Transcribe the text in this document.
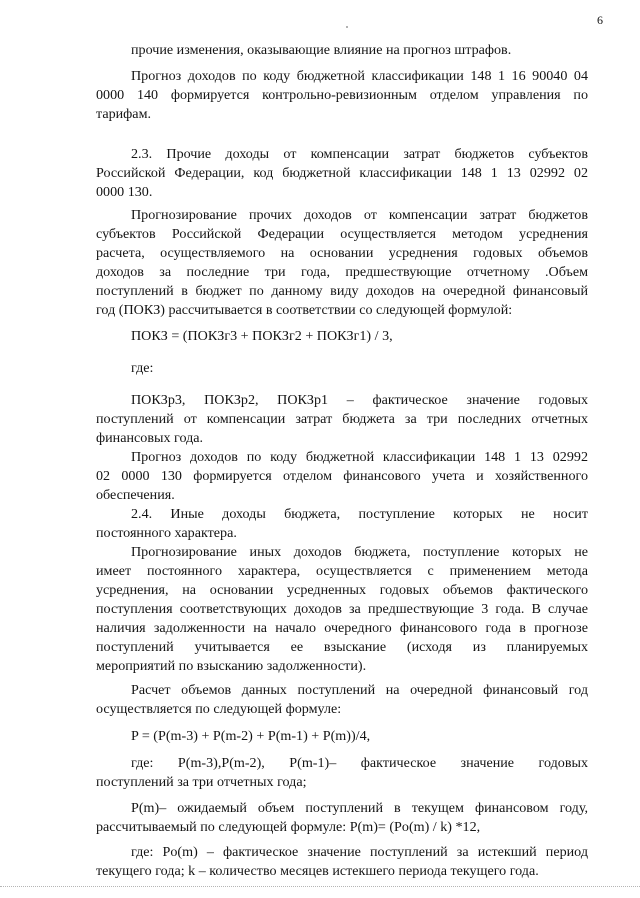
6
прочие изменения, оказывающие влияние на прогноз штрафов.
Прогноз доходов по коду бюджетной классификации 148 1 16 90040 04
0000 140 формируется контрольно-ревизионным отделом управления по
тарифам.
2.3. Прочие доходы от компенсации затрат бюджетов субъектов
Российской Федерации, код бюджетной классификации 148 1 13 02992 02
0000 130.
Прогнозирование прочих доходов от компенсации затрат бюджетов
субъектов Российской Федерации осуществляется методом усреднения
расчета, осуществляемого на основании усреднения годовых объемов
доходов за последние три года, предшествующие отчетному .Объем
поступлений в бюджет по данному виду доходов на очередной финансовый
год (ПОКЗ) рассчитывается в соответствии со следующей формулой:
ПОКЗ = (ПОКЗг3 + ПОКЗг2 + ПОКЗг1) / 3,
где:
ПОКЗр3, ПОКЗр2, ПОКЗр1 – фактическое значение годовых
поступлений от компенсации затрат бюджета за три последних отчетных
финансовых года.
Прогноз доходов по коду бюджетной классификации 148 1 13 02992
02 0000 130 формируется отделом финансового учета и хозяйственного
обеспечения.
2.4. Иные доходы бюджета, поступление которых не носит
постоянного характера.
Прогнозирование иных доходов бюджета, поступление которых не
имеет постоянного характера, осуществляется с применением метода
усреднения, на основании усредненных годовых объемов фактического
поступления соответствующих доходов за предшествующие 3 года. В случае
наличия задолженности на начало очередного финансового года в прогнозе
поступлений учитывается ее взыскание (исходя из планируемых
мероприятий по взысканию задолженности).
Расчет объемов данных поступлений на очередной финансовый год
осуществляется по следующей формуле:
P = (P(m-3) + P(m-2) + P(m-1) + P(m))/4,
где: P(m-3),P(m-2), P(m-1)– фактическое значение годовых
поступлений за три отчетных года;
P(m)– ожидаемый объем поступлений в текущем финансовом году,
рассчитываемый по следующей формуле: P(m)= (Po(m) / k) *12,
где: Po(m) – фактическое значение поступлений за истекший период
текущего года; k – количество месяцев истекшего периода текущего года.
